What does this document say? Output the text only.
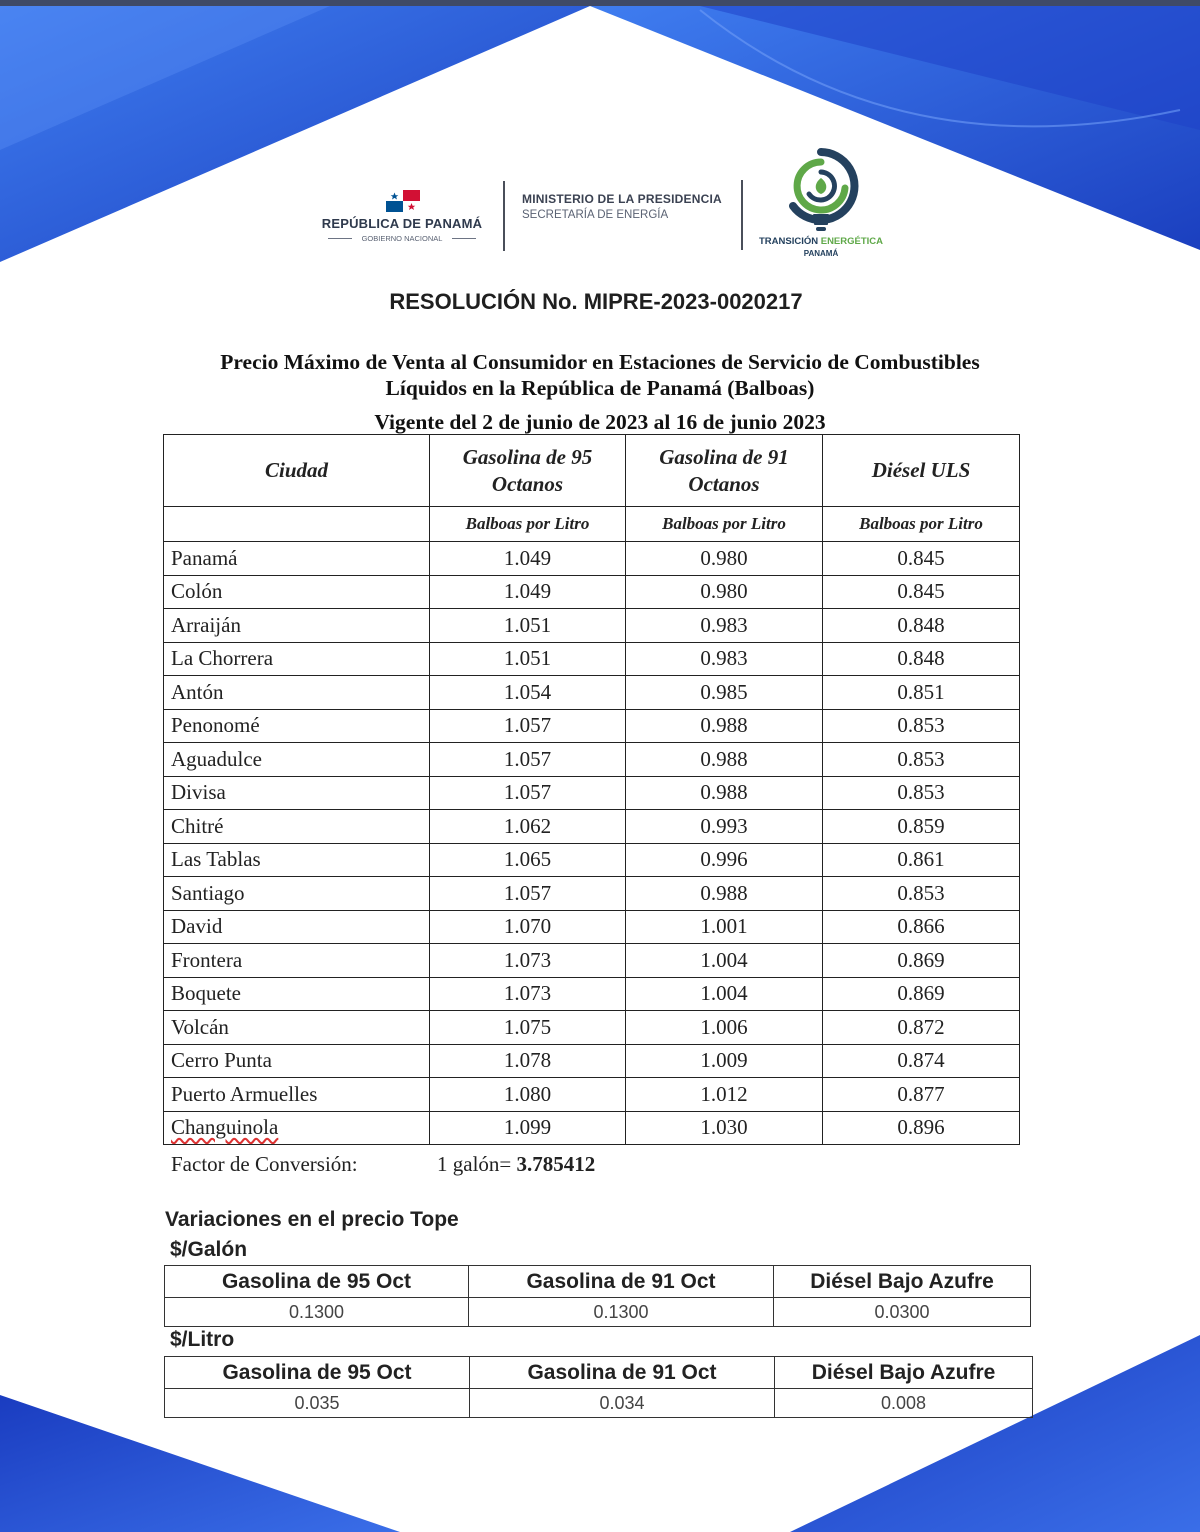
REPÚBLICA DE PANAMÁ
GOBIERNO NACIONAL
MINISTERIO DE LA PRESIDENCIA
SECRETARÍA DE ENERGÍA
TRANSICIÓN ENERGÉTICA
PANAMÁ
RESOLUCIÓN No. MIPRE-2023-0020217
Precio Máximo de Venta al Consumidor en Estaciones de Servicio de Combustibles
Líquidos en la República de Panamá (Balboas)
Vigente del 2 de junio de 2023 al 16 de junio 2023
Ciudad	Gasolina de 95 Octanos	Gasolina de 91 Octanos	Diésel ULS
	Balboas por Litro	Balboas por Litro	Balboas por Litro
Panamá	1.049	0.980	0.845
Colón	1.049	0.980	0.845
Arraiján	1.051	0.983	0.848
La Chorrera	1.051	0.983	0.848
Antón	1.054	0.985	0.851
Penonomé	1.057	0.988	0.853
Aguadulce	1.057	0.988	0.853
Divisa	1.057	0.988	0.853
Chitré	1.062	0.993	0.859
Las Tablas	1.065	0.996	0.861
Santiago	1.057	0.988	0.853
David	1.070	1.001	0.866
Frontera	1.073	1.004	0.869
Boquete	1.073	1.004	0.869
Volcán	1.075	1.006	0.872
Cerro Punta	1.078	1.009	0.874
Puerto Armuelles	1.080	1.012	0.877
Changuinola	1.099	1.030	0.896
Factor de Conversión:	1 galón= 3.785412
Variaciones en el precio Tope
$/Galón
Gasolina de 95 Oct	Gasolina de 91 Oct	Diésel Bajo Azufre
0.1300	0.1300	0.0300
$/Litro
Gasolina de 95 Oct	Gasolina de 91 Oct	Diésel Bajo Azufre
0.035	0.034	0.008
